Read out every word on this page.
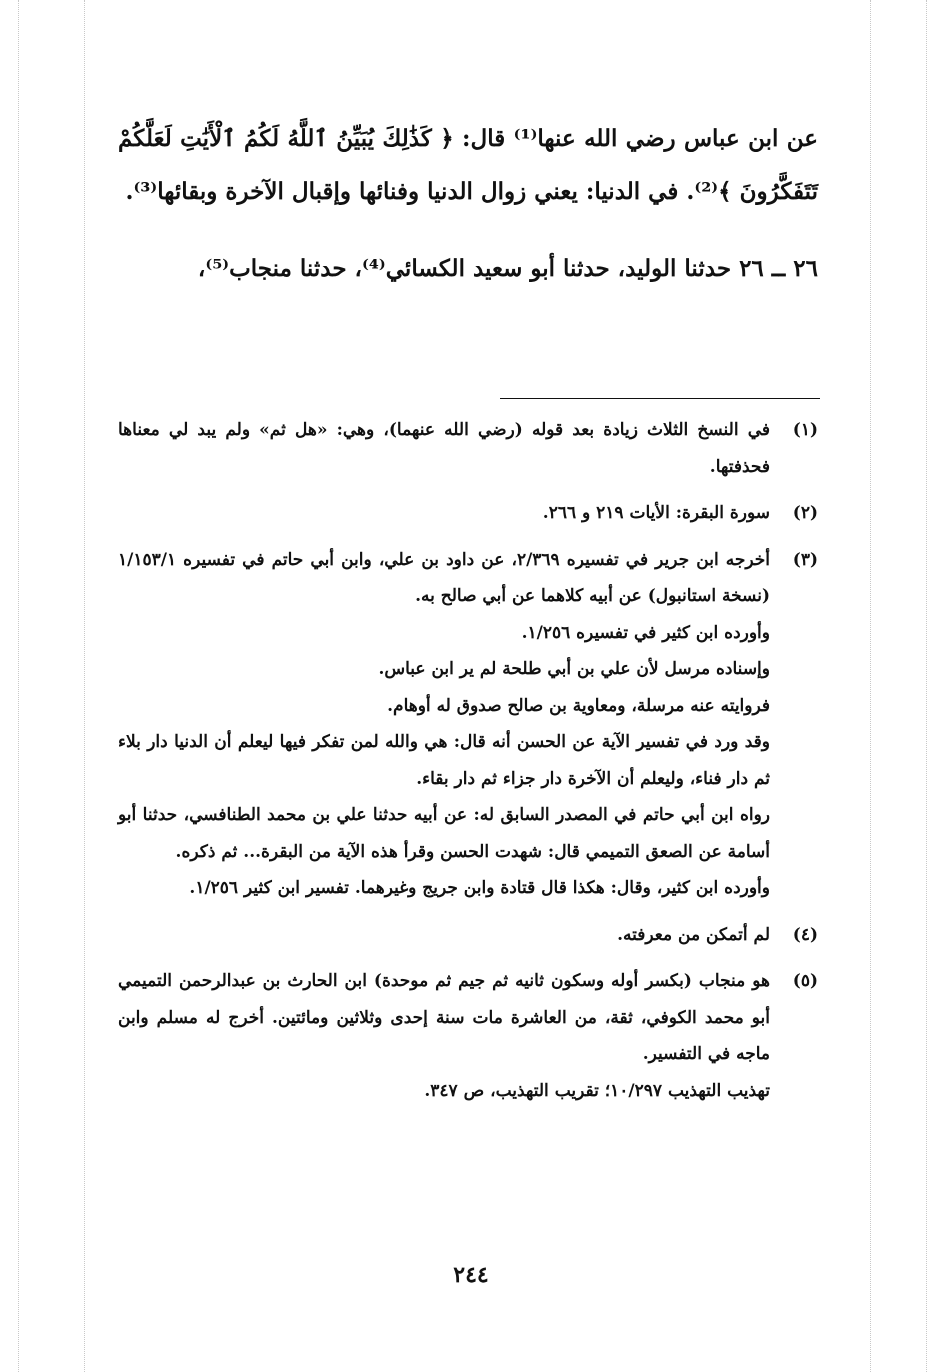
عن ابن عباس رضي الله عنها⁽¹⁾ قال: ﴿ كَذَٰلِكَ يُبَيِّنُ ٱللَّهُ لَكُمُ ٱلْأَيَٰتِ لَعَلَّكُمْ تَتَفَكَّرُونَ ﴾⁽²⁾. في الدنيا: يعني زوال الدنيا وفنائها وإقبال الآخرة وبقائها⁽³⁾.

٢٦ ــ ٢٦ حدثنا الوليد، حدثنا أبو سعيد الكسائي⁽⁴⁾، حدثنا منجاب⁽⁵⁾،

(١)

في النسخ الثلاث زيادة بعد قوله (رضي الله عنهما)، وهي: «هل ثم» ولم يبد لي معناها فحذفتها.

(٢)

سورة البقرة: الأيات ٢١٩ و ٢٦٦.

(٣)

أخرجه ابن جرير في تفسيره ٢/٣٦٩، عن داود بن علي، وابن أبي حاتم في تفسيره ١/١٥٣/١ (نسخة استانبول) عن أبيه كلاهما عن أبي صالح به.

وأورده ابن كثير في تفسيره ١/٢٥٦.

وإسناده مرسل لأن علي بن أبي طلحة لم ير ابن عباس.

فروايته عنه مرسلة، ومعاوية بن صالح صدوق له أوهام.

وقد ورد في تفسير الآية عن الحسن أنه قال: هي والله لمن تفكر فيها ليعلم أن الدنيا دار بلاء ثم دار فناء، وليعلم أن الآخرة دار جزاء ثم دار بقاء.

رواه ابن أبي حاتم في المصدر السابق له: عن أبيه حدثنا علي بن محمد الطنافسي، حدثنا أبو أسامة عن الصعق التميمي قال: شهدت الحسن وقرأ هذه الآية من البقرة... ثم ذكره.

وأورده ابن كثير، وقال: هكذا قال قتادة وابن جريج وغيرهما. تفسير ابن كثير ١/٢٥٦.

(٤)

لم أتمكن من معرفته.

(٥)

هو منجاب (بكسر أوله وسكون ثانيه ثم جيم ثم موحدة) ابن الحارث بن عبدالرحمن التميمي أبو محمد الكوفي، ثقة، من العاشرة مات سنة إحدى وثلاثين ومائتين. أخرج له مسلم وابن ماجه في التفسير.

تهذيب التهذيب ١٠/٢٩٧؛ تقريب التهذيب، ص ٣٤٧.

٢٤٤
